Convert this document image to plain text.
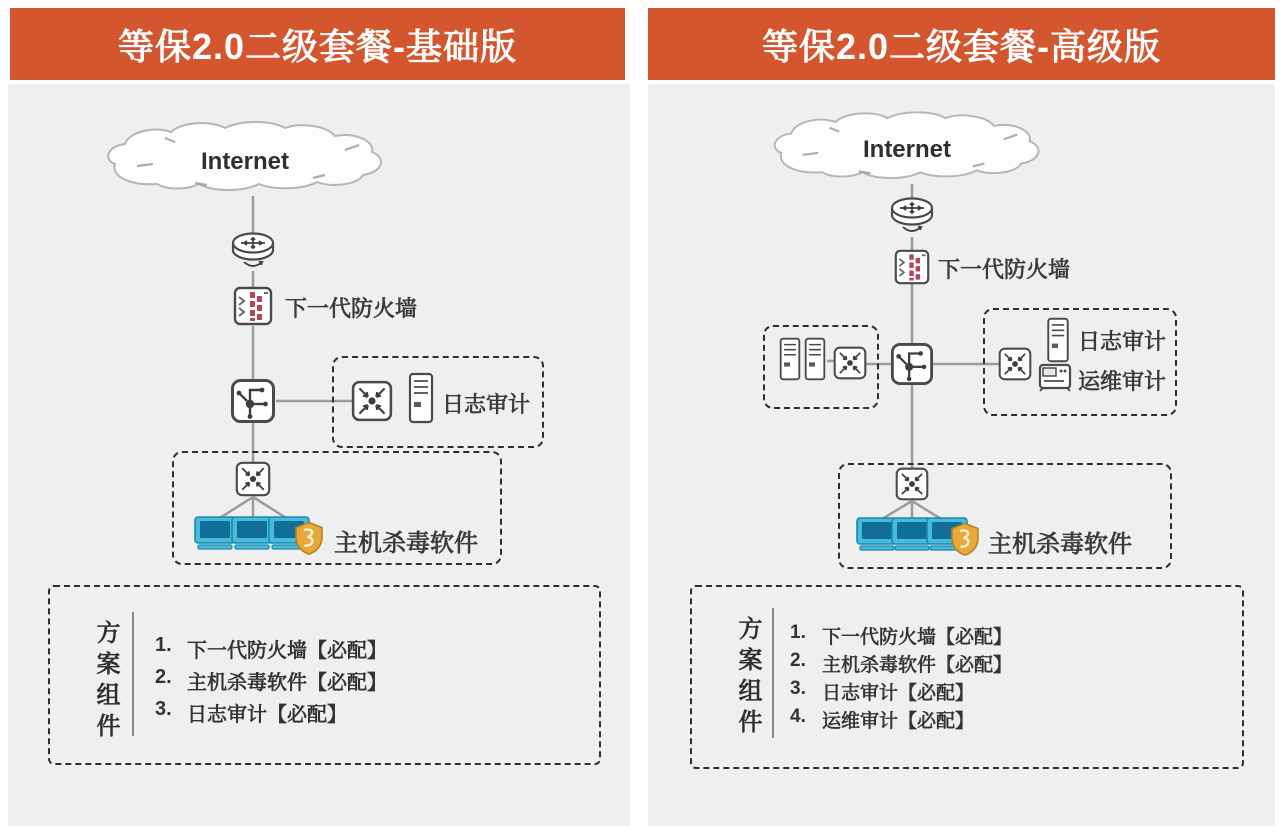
等保2.0二级套餐-基础版	等保2.0二级套餐-高级版
Internet
下一代防火墙
日志审计
主机杀毒软件
方案组件 1. 下一代防火墙【必配】
2. 主机杀毒软件【必配】
3. 日志审计【必配】
Internet
下一代防火墙
日志审计
运维审计
主机杀毒软件
方案组件 1. 下一代防火墙【必配】
2. 主机杀毒软件【必配】
3. 日志审计【必配】
4. 运维审计【必配】
